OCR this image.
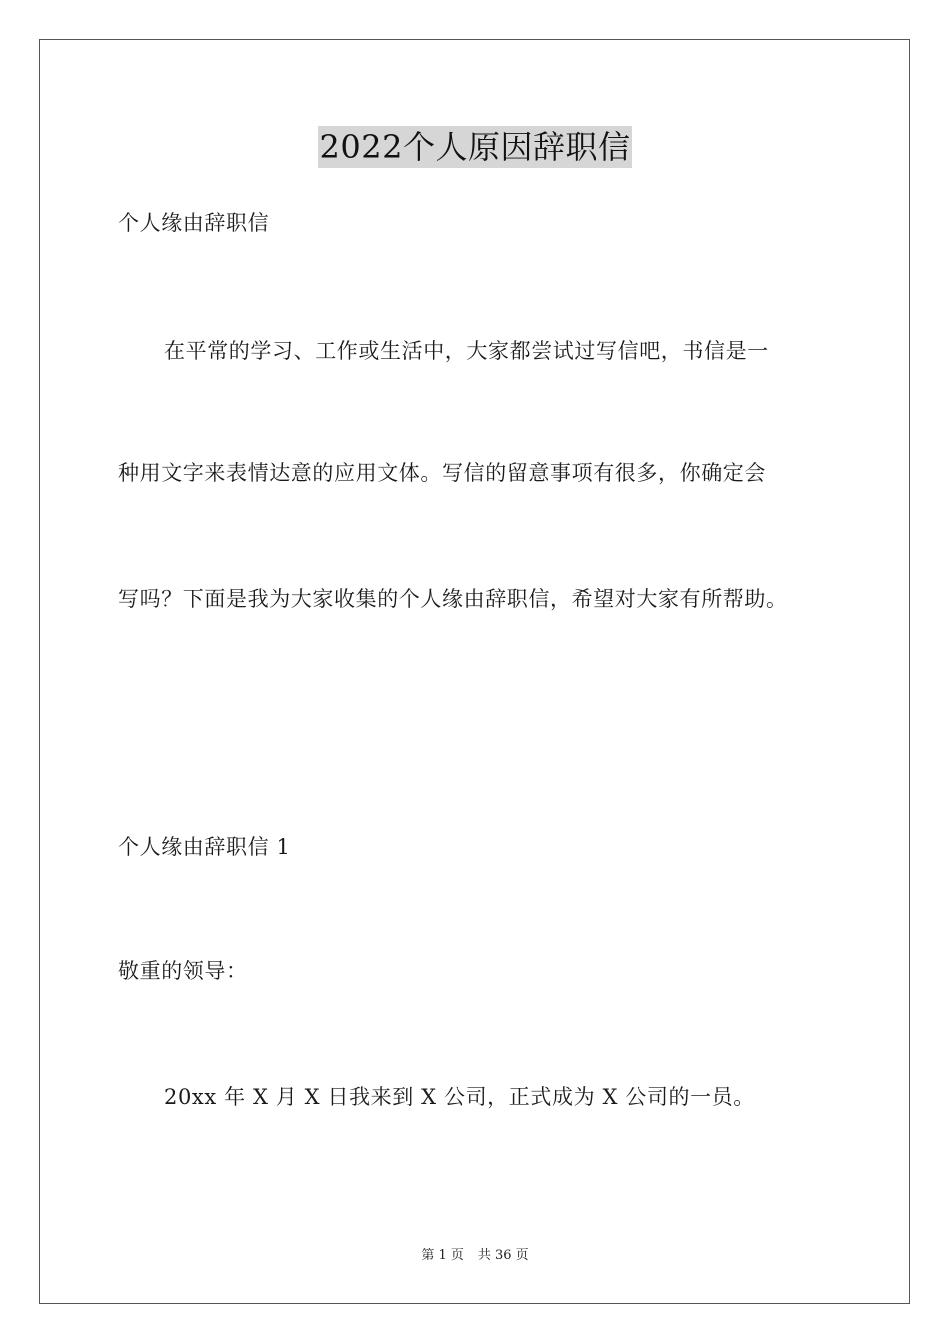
2022个人原因辞职信
个人缘由辞职信
在平常的学习、工作或生活中，大家都尝试过写信吧，书信是一
种用文字来表情达意的应用文体。写信的留意事项有很多，你确定会
写吗？下面是我为大家收集的个人缘由辞职信，希望对大家有所帮助。
个人缘由辞职信 1
敬重的领导：
20xx 年 X 月 X 日我来到 X 公司，正式成为 X 公司的一员。
第 1 页 共 36 页
